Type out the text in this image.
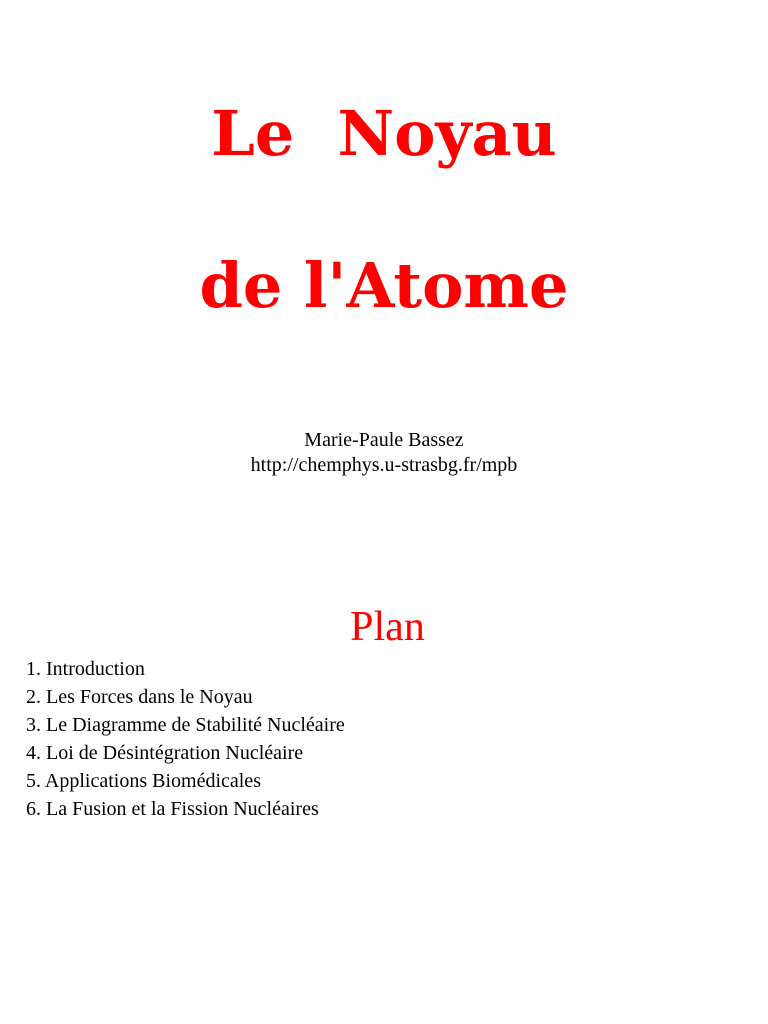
Le  Noyau
de l'Atome
Marie-Paule Bassez
http://chemphys.u-strasbg.fr/mpb
Plan
1. Introduction
2. Les Forces dans le Noyau
3. Le Diagramme de Stabilité Nucléaire
4. Loi de Désintégration Nucléaire
5. Applications Biomédicales
6. La Fusion et la Fission Nucléaires
